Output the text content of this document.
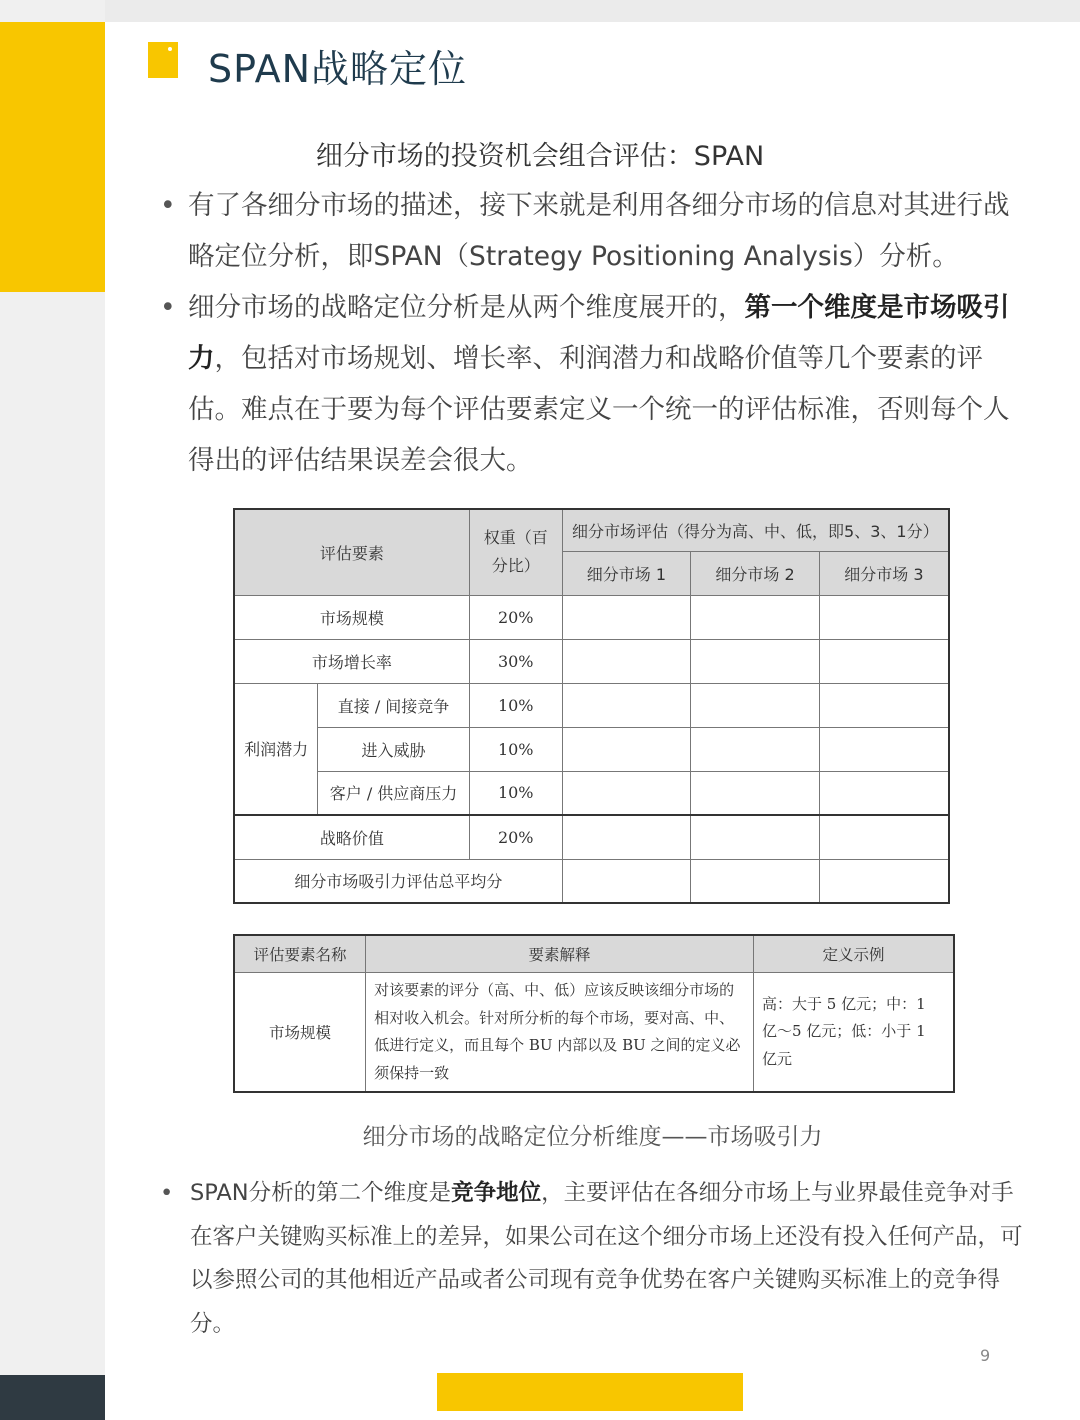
SPAN战略定位
细分市场的投资机会组合评估：SPAN
• 有了各细分市场的描述，接下来就是利用各细分市场的信息对其进行战略定位分析，即SPAN（Strategy Positioning Analysis）分析。
• 细分市场的战略定位分析是从两个维度展开的，第一个维度是市场吸引力，包括对市场规划、增长率、利润潜力和战略价值等几个要素的评估。难点在于要为每个评估要素定义一个统一的评估标准，否则每个人得出的评估结果误差会很大。
评估要素		权重（百分比）	细分市场评估（得分为高、中、低，即5、3、1分）		
			细分市场 1	细分市场 2	细分市场 3
市场规模		20%			
市场增长率		30%			
利润潜力	直接 / 间接竞争	10%			
	进入威胁	10%			
	客户 / 供应商压力	10%			
战略价值		20%			
细分市场吸引力评估总平均分					
评估要素名称	要素解释	定义示例
市场规模	对该要素的评分（高、中、低）应该反映该细分市场的相对收入机会。针对所分析的每个市场，要对高、中、低进行定义，而且每个 BU 内部以及 BU 之间的定义必须保持一致	高：大于 5 亿元；中：1 亿～5 亿元；低：小于 1 亿元
细分市场的战略定位分析维度——市场吸引力
• SPAN分析的第二个维度是竞争地位，主要评估在各细分市场上与业界最佳竞争对手在客户关键购买标准上的差异，如果公司在这个细分市场上还没有投入任何产品，可以参照公司的其他相近产品或者公司现有竞争优势在客户关键购买标准上的竞争得分。
9
